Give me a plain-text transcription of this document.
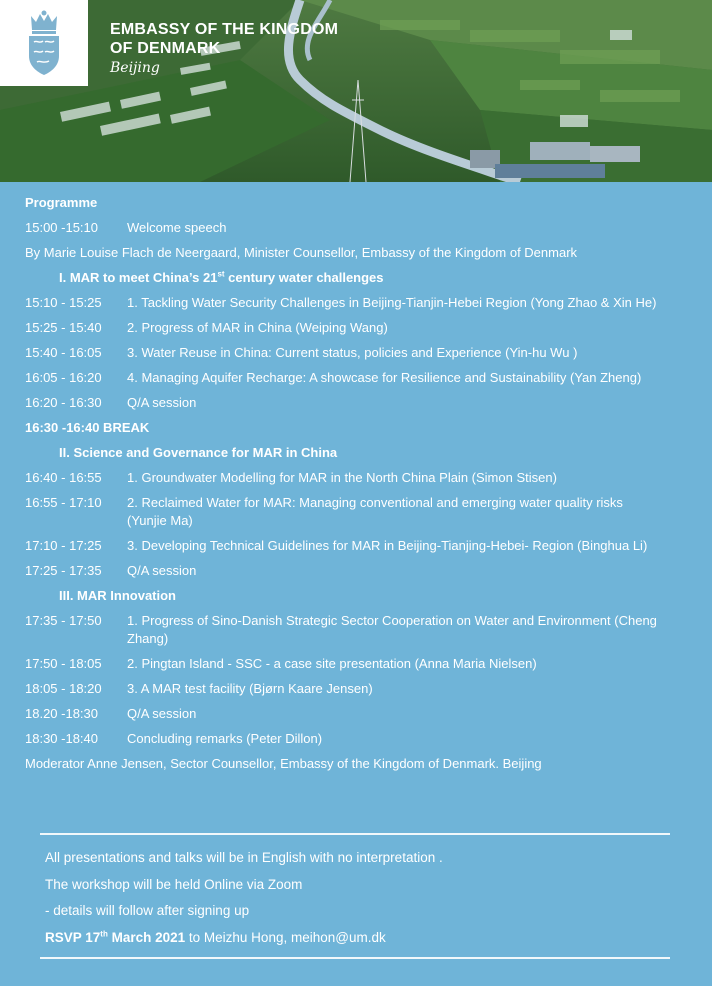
EMBASSY OF THE KINGDOM
OF DENMARK
Beijing
Programme
15:00 -15:10	Welcome speech
By Marie Louise Flach de Neergaard, Minister Counsellor, Embassy of the Kingdom of Denmark
I. MAR to meet China’s 21st century water challenges
15:10 - 15:25	1. Tackling Water Security Challenges in Beijing-Tianjin-Hebei Region (Yong Zhao & Xin He)
15:25 - 15:40	2. Progress of MAR in China (Weiping Wang)
15:40 - 16:05	3. Water Reuse in China: Current status, policies and Experience (Yin-hu Wu )
16:05 - 16:20	4. Managing Aquifer Recharge: A showcase for Resilience and Sustainability (Yan Zheng)
16:20 - 16:30	Q/A session
16:30 -16:40 BREAK
II. Science and Governance for MAR in China
16:40 - 16:55	1. Groundwater Modelling for MAR in the North China Plain (Simon Stisen)
16:55 - 17:10	2. Reclaimed Water for MAR: Managing conventional and emerging water quality risks (Yunjie Ma)
17:10 - 17:25	3. Developing Technical Guidelines for MAR in Beijing-Tianjing-Hebei- Region (Binghua Li)
17:25 - 17:35	Q/A session
III. MAR Innovation
17:35 - 17:50	1. Progress of Sino-Danish Strategic Sector Cooperation on Water and Environment (Cheng Zhang)
17:50 - 18:05	2. Pingtan Island - SSC - a case site presentation (Anna Maria Nielsen)
18:05 - 18:20	3. A MAR test facility (Bjørn Kaare Jensen)
18.20 -18:30	Q/A session
18:30 -18:40	Concluding remarks (Peter Dillon)
Moderator Anne Jensen, Sector Counsellor, Embassy of the Kingdom of Denmark. Beijing
All presentations and talks will be in English with no interpretation .
The workshop will be held Online via Zoom
- details will follow after signing up
RSVP 17th March 2021 to Meizhu Hong, meihon@um.dk
